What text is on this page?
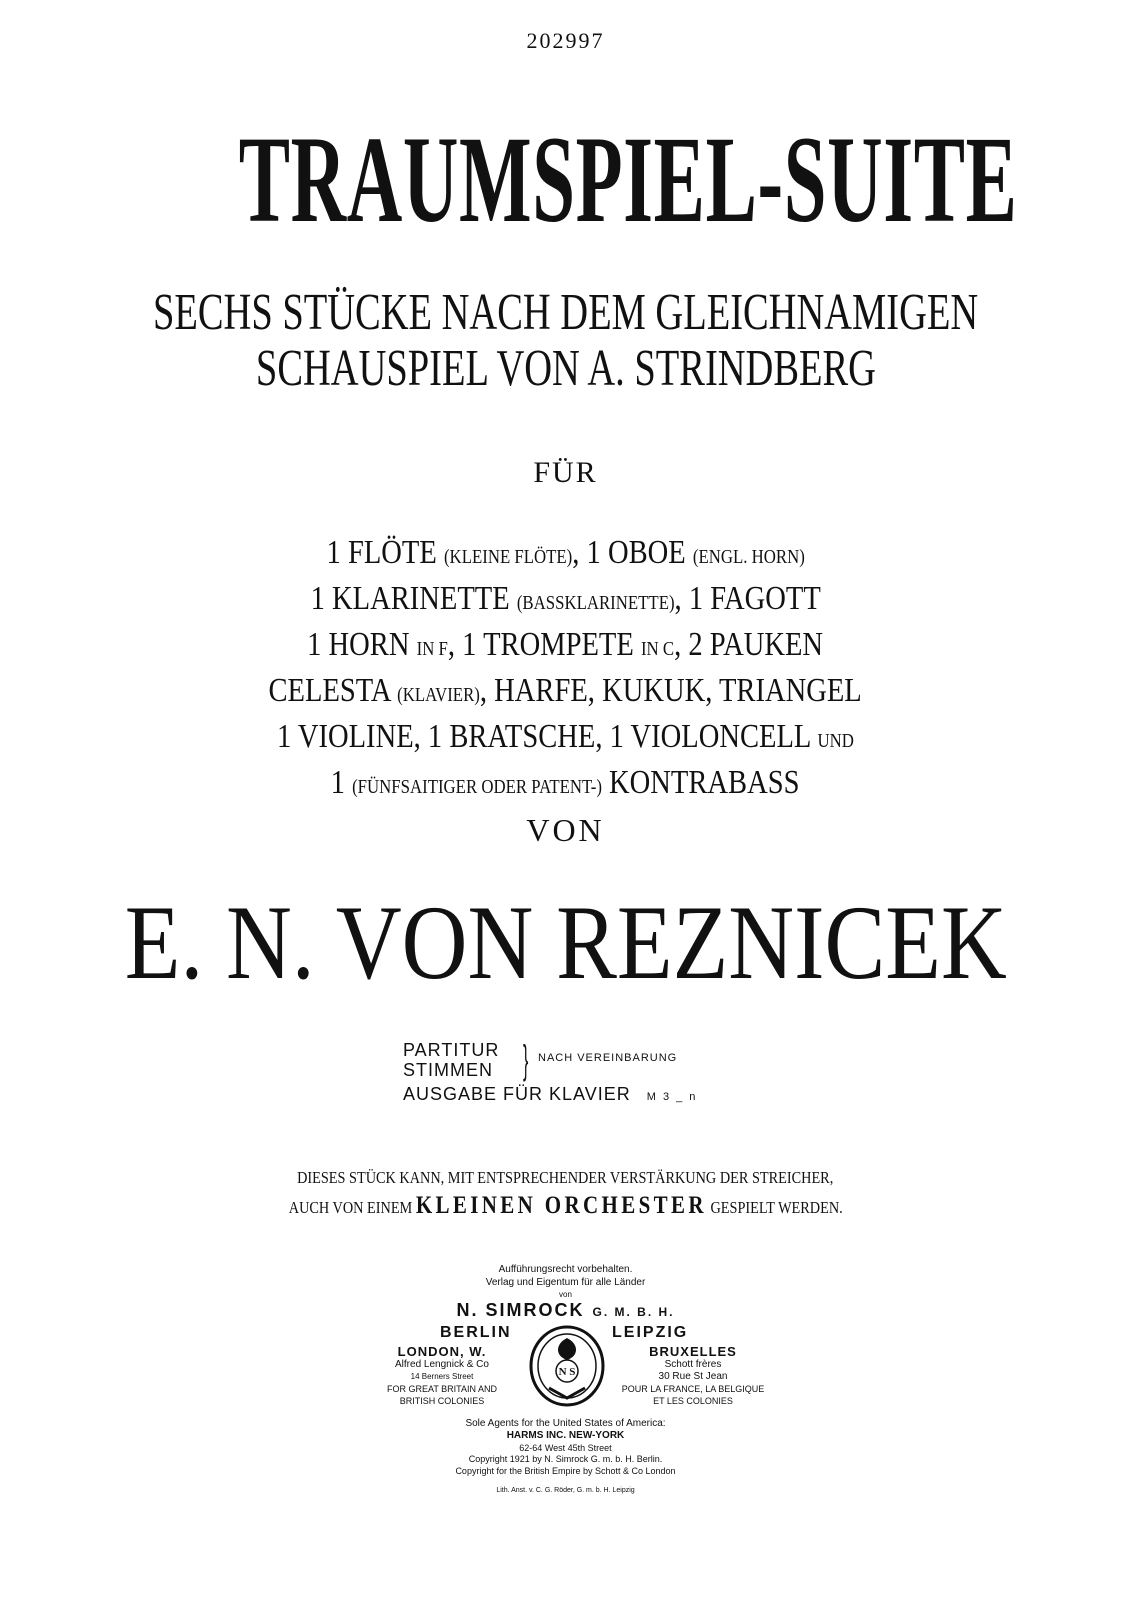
202997
TRAUMSPIEL-SUITE
SECHS STÜCKE NACH DEM GLEICHNAMIGEN
SCHAUSPIEL VON A. STRINDBERG
FÜR
1 FLÖTE (KLEINE FLÖTE), 1 OBOE (ENGL. HORN)
1 KLARINETTE (BASSKLARINETTE), 1 FAGOTT
1 HORN IN F, 1 TROMPETE IN C, 2 PAUKEN
CELESTA (KLAVIER), HARFE, KUKUK, TRIANGEL
1 VIOLINE, 1 BRATSCHE, 1 VIOLONCELL UND
1 (FÜNFSAITIGER ODER PATENT-) KONTRABASS
VON
E. N. VON REZNICEK
PARTITUR
STIMMEN } NACH VEREINBARUNG
AUSGABE FÜR KLAVIER M 3 _ n
DIESES STÜCK KANN, MIT ENTSPRECHENDER VERSTÄRKUNG DER STREICHER,
AUCH VON EINEM KLEINEN ORCHESTER GESPIELT WERDEN.
Aufführungsrecht vorbehalten.
Verlag und Eigentum für alle Länder
von
N. SIMROCK G. M. B. H.
BERLIN	LEIPZIG
LONDON, W.
Alfred Lengnick & Co
14 Berners Street
FOR GREAT BRITAIN AND
BRITISH COLONIES
N S
BRUXELLES
Schott frères
30 Rue St Jean
POUR LA FRANCE, LA BELGIQUE
ET LES COLONIES
Sole Agents for the United States of America:
HARMS INC. NEW-YORK
62-64 West 45th Street
Copyright 1921 by N. Simrock G. m. b. H. Berlin.
Copyright for the British Empire by Schott & Co London
Lith. Anst. v. C. G. Röder, G. m. b. H. Leipzig
